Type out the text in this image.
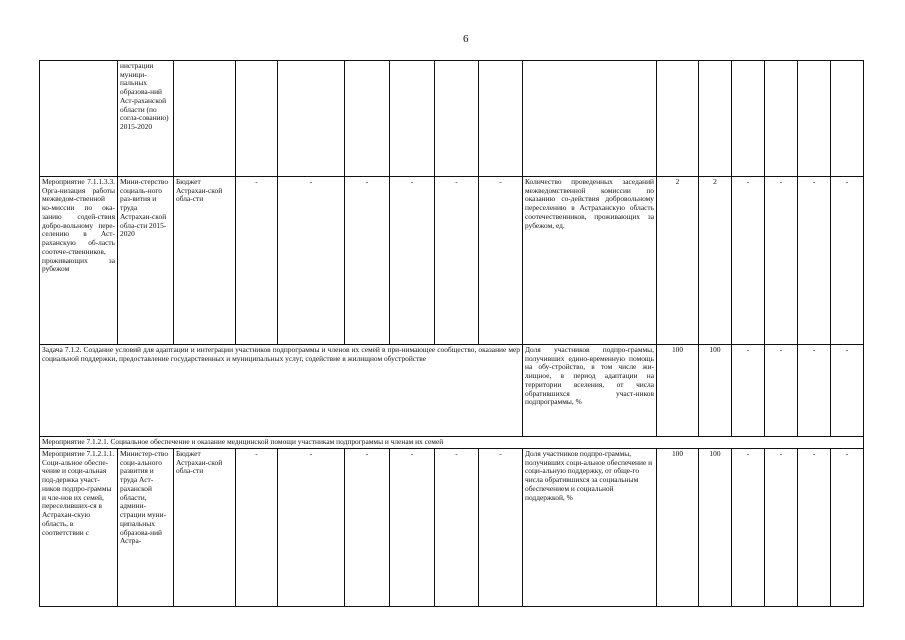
6
	нистрации муници-пальных образова-ний Аст-раханской области (по согла-сованию) 2015-2020														
Мероприятие 7.1.1.3.3. Орга-низация работы межведом-ственной ко-миссии по ока-занию содей-ствия добро-вольному пере-селению в Аст-раханскую об-ласть соотече-ственников, проживающих за рубежом	Мини-стерство социаль-ного раз-вития и труда Астрахан-ской обла-сти 2015-2020	Бюджет Астрахан-ской обла-сти	-	-	-	-	-	-	Количество проведенных заседаний межведомственной комиссии по оказанию со-действия добровольному переселению в Астраханскую область соотечественников, проживающих за рубежом, ед.	2	2	-	-	-	-
Задача 7.1.2. Создание условий для адаптации и интеграции участников подпрограммы и членов их семей в при-нимающее сообщество, оказание мер социальной поддержки, предоставление государственных и муниципальных услуг, содействие в жилищном обустройстве									Доля участников подпро-граммы, получивших едино-временную помощь на обу-стройство, в том числе жи-лищное, в период адаптации на территории вселения, от числа обратившихся участ-ников подпрограммы, %	100	100	-	-	-	-
Мероприятие 7.1.2.1. Социальное обеспечение и оказание медицинской помощи участникам подпрограммы и членам их семей															
Мероприятие 7.1.2.1.1. Соци-альное обеспе-чение и соци-альная под-держка участ-ников подпро-граммы и чле-нов их семей, переселивших-ся в Астрахан-скую область, в соответствии с	Министер-ство соци-ального развития и труда Аст-раханской области, админи-страции муни-ципальных образова-ний Астра-	Бюджет Астрахан-ской обла-сти	-	-	-	-	-	-	Доля участников подпро-граммы, получивших соци-альное обеспечение и соци-альную поддержку, от обще-го числа обратившихся за социальным обеспечением и социальной поддержкой, %	100	100	-	-	-	-
